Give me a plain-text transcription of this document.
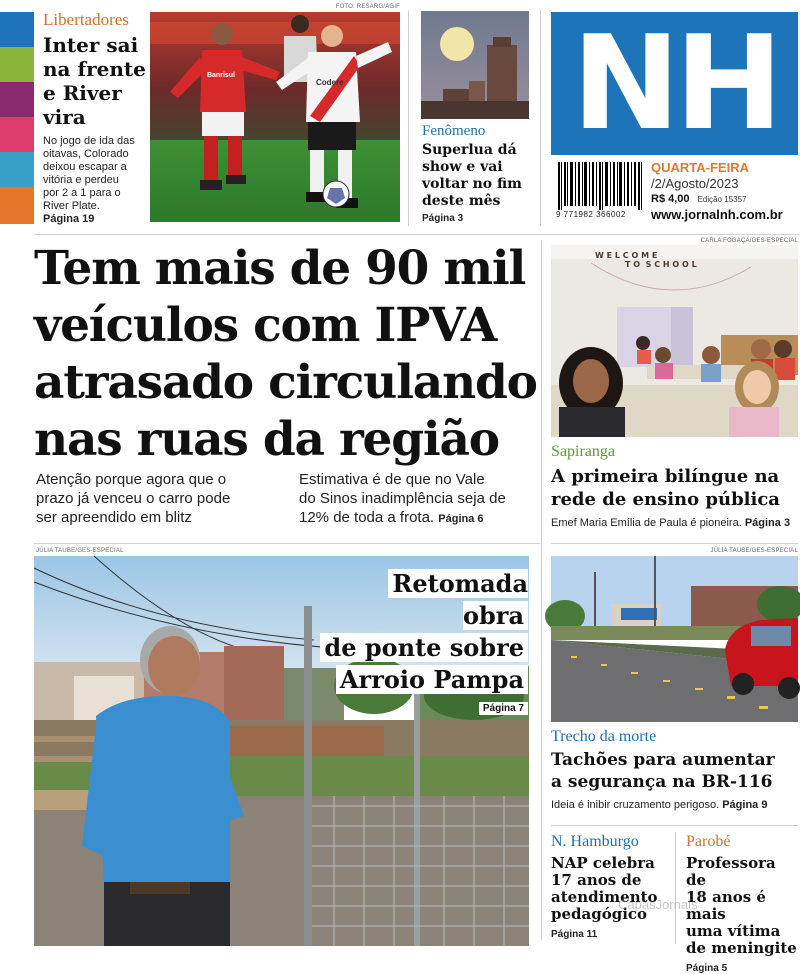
Libertadores
Inter sai
na frente
e River
vira
No jogo de ida das
oitavas, Colorado
deixou escapar a
vitória e perdeu
por 2 a 1 para o
River Plate.
Página 19
FOTO: RESARG/AGIF
Banrisul
Codere
Fenômeno
Superlua dá
show e vai
voltar no fim
deste mês
Página 3
NH
9 771982 366002
QUARTA-FEIRA
/2/Agosto/2023
R$ 4,00 Edição 15357
www.jornalnh.com.br
Tem mais de 90 mil
veículos com IPVA
atrasado circulando
nas ruas da região
Atenção porque agora que o
prazo já venceu o carro pode
ser apreendido em blitz
Estimativa é de que no Vale
do Sinos inadimplência seja de
12% de toda a frota. Página 6
CARLA FOGAÇA/GES-ESPECIAL
W E L C O M E
T O S C H O O L
Sapiranga
A primeira bilíngue na
rede de ensino pública
Emef Maria Emília de Paula é pioneira. Página 3
JÚLIA TAUBE/GES-ESPECIAL
Retomada obra
de ponte sobre
Arroio Pampa
Página 7
JÚLIA TAUBE/GES-ESPECIAL
Trecho da morte
Tachões para aumentar
a segurança na BR-116
Ideia é inibir cruzamento perigoso. Página 9
N. Hamburgo
NAP celebra
17 anos de
atendimento
pedagógico
Página 11
Parobé
Professora de
18 anos é mais
uma vítima
de meningite
Página 5
CapasJornais
